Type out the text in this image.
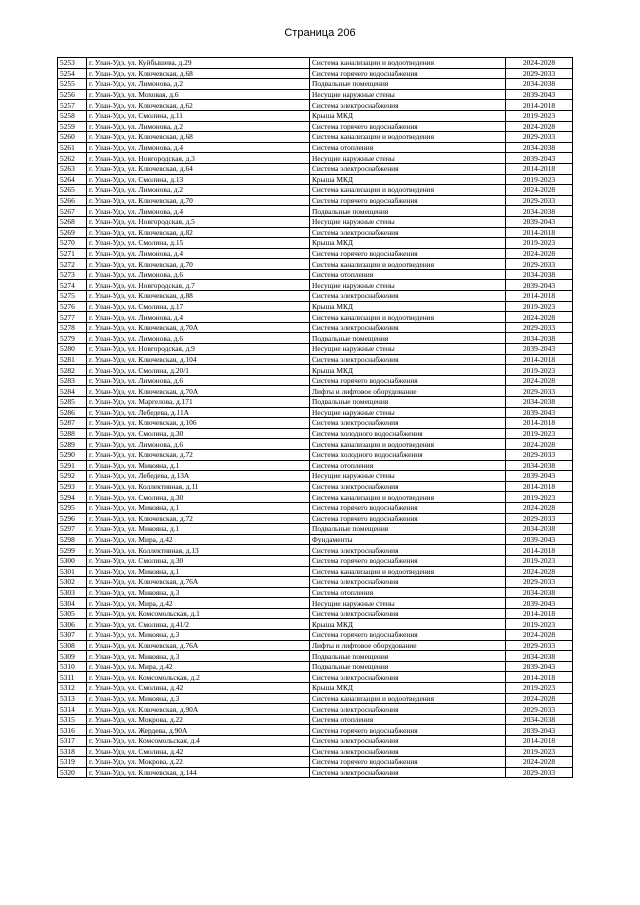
Страница 206
5253	г. Улан-Удэ, ул. Куйбышева, д.29	Система канализации и водоотведения	2024-2028
5254	г. Улан-Удэ, ул. Ключевская, д.68	Система горячего водоснабжения	2029-2033
5255	г. Улан-Удэ, ул. Лимонова, д.2	Подвальные помещения	2034-2038
5256	г. Улан-Удэ, ул. Моховая, д.6	Несущие наружные стены	2039-2043
5257	г. Улан-Удэ, ул. Ключевская, д.62	Система электроснабжения	2014-2018
5258	г. Улан-Удэ, ул. Смолина, д.11	Крыша МКД	2019-2023
5259	г. Улан-Удэ, ул. Лимонова, д.2	Система горячего водоснабжения	2024-2028
5260	г. Улан-Удэ, ул. Ключевская, д.68	Система канализации и водоотведения	2029-2033
5261	г. Улан-Удэ, ул. Лимонова, д.4	Система отопления	2034-2038
5262	г. Улан-Удэ, ул. Новгородская, д.3	Несущие наружные стены	2039-2043
5263	г. Улан-Удэ, ул. Ключевская, д.64	Система электроснабжения	2014-2018
5264	г. Улан-Удэ, ул. Смолина, д.13	Крыша МКД	2019-2023
5265	г. Улан-Удэ, ул. Лимонова, д.2	Система канализации и водоотведения	2024-2028
5266	г. Улан-Удэ, ул. Ключевская, д.70	Система горячего водоснабжения	2029-2033
5267	г. Улан-Удэ, ул. Лимонова, д.4	Подвальные помещения	2034-2038
5268	г. Улан-Удэ, ул. Новгородская, д.5	Несущие наружные стены	2039-2043
5269	г. Улан-Удэ, ул. Ключевская, д.82	Система электроснабжения	2014-2018
5270	г. Улан-Удэ, ул. Смолина, д.15	Крыша МКД	2019-2023
5271	г. Улан-Удэ, ул. Лимонова, д.4	Система горячего водоснабжения	2024-2028
5272	г. Улан-Удэ, ул. Ключевская, д.70	Система канализации и водоотведения	2029-2033
5273	г. Улан-Удэ, ул. Лимонова, д.6	Система отопления	2034-2038
5274	г. Улан-Удэ, ул. Новгородская, д.7	Несущие наружные стены	2039-2043
5275	г. Улан-Удэ, ул. Ключевская, д.88	Система электроснабжения	2014-2018
5276	г. Улан-Удэ, ул. Смолина, д.17	Крыша МКД	2019-2023
5277	г. Улан-Удэ, ул. Лимонова, д.4	Система канализации и водоотведения	2024-2028
5278	г. Улан-Удэ, ул. Ключевская, д.70А	Система электроснабжения	2029-2033
5279	г. Улан-Удэ, ул. Лимонова, д.6	Подвальные помещения	2034-2038
5280	г. Улан-Удэ, ул. Новгородская, д.9	Несущие наружные стены	2039-2043
5281	г. Улан-Удэ, ул. Ключевская, д.104	Система электроснабжения	2014-2018
5282	г. Улан-Удэ, ул. Смолина, д.20/1	Крыша МКД	2019-2023
5283	г. Улан-Удэ, ул. Лимонова, д.6	Система горячего водоснабжения	2024-2028
5284	г. Улан-Удэ, ул. Ключевская, д.70А	Лифты и лифтовое оборудование	2029-2033
5285	г. Улан-Удэ, ул. Маргелова, д.171	Подвальные помещения	2034-2038
5286	г. Улан-Удэ, ул. Лебедева, д.11А	Несущие наружные стены	2039-2043
5287	г. Улан-Удэ, ул. Ключевская, д.106	Система электроснабжения	2014-2018
5288	г. Улан-Удэ, ул. Смолина, д.30	Система холодного водоснабжения	2019-2023
5289	г. Улан-Удэ, ул. Лимонова, д.6	Система канализации и водоотведения	2024-2028
5290	г. Улан-Удэ, ул. Ключевская, д.72	Система холодного водоснабжения	2029-2033
5291	г. Улан-Удэ, ул. Микояна, д.1	Система отопления	2034-2038
5292	г. Улан-Удэ, ул. Лебедева, д.13А	Несущие наружные стены	2039-2043
5293	г. Улан-Удэ, ул. Коллективная, д.11	Система электроснабжения	2014-2018
5294	г. Улан-Удэ, ул. Смолина, д.30	Система канализации и водоотведения	2019-2023
5295	г. Улан-Удэ, ул. Микояна, д.1	Система горячего водоснабжения	2024-2028
5296	г. Улан-Удэ, ул. Ключевская, д.72	Система горячего водоснабжения	2029-2033
5297	г. Улан-Удэ, ул. Микояна, д.1	Подвальные помещения	2034-2038
5298	г. Улан-Удэ, ул. Мира, д.42	Фундаменты	2039-2043
5299	г. Улан-Удэ, ул. Коллективная, д.13	Система электроснабжения	2014-2018
5300	г. Улан-Удэ, ул. Смолина, д.30	Система горячего водоснабжения	2019-2023
5301	г. Улан-Удэ, ул. Микояна, д.1	Система канализации и водоотведения	2024-2028
5302	г. Улан-Удэ, ул. Ключевская, д.76А	Система электроснабжения	2029-2033
5303	г. Улан-Удэ, ул. Микояна, д.3	Система отопления	2034-2038
5304	г. Улан-Удэ, ул. Мира, д.42	Несущие наружные стены	2039-2043
5305	г. Улан-Удэ, ул. Комсомольская, д.1	Система электроснабжения	2014-2018
5306	г. Улан-Удэ, ул. Смолина, д.41/2	Крыша МКД	2019-2023
5307	г. Улан-Удэ, ул. Микояна, д.3	Система горячего водоснабжения	2024-2028
5308	г. Улан-Удэ, ул. Ключевская, д.76А	Лифты и лифтовое оборудование	2029-2033
5309	г. Улан-Удэ, ул. Микояна, д.3	Подвальные помещения	2034-2038
5310	г. Улан-Удэ, ул. Мира, д.42	Подвальные помещения	2039-2043
5311	г. Улан-Удэ, ул. Комсомольская, д.2	Система электроснабжения	2014-2018
5312	г. Улан-Удэ, ул. Смолина, д.42	Крыша МКД	2019-2023
5313	г. Улан-Удэ, ул. Микояна, д.3	Система канализации и водоотведения	2024-2028
5314	г. Улан-Удэ, ул. Ключевская, д.90А	Система электроснабжения	2029-2033
5315	г. Улан-Удэ, ул. Мокрова, д.22	Система отопления	2034-2038
5316	г. Улан-Удэ, ул. Жердева, д.90А	Система горячего водоснабжения	2039-2043
5317	г. Улан-Удэ, ул. Комсомольская, д.4	Система электроснабжения	2014-2018
5318	г. Улан-Удэ, ул. Смолина, д.42	Система электроснабжения	2019-2023
5319	г. Улан-Удэ, ул. Мокрова, д.22	Система горячего водоснабжения	2024-2028
5320	г. Улан-Удэ, ул. Ключевская, д.144	Система электроснабжения	2029-2033
